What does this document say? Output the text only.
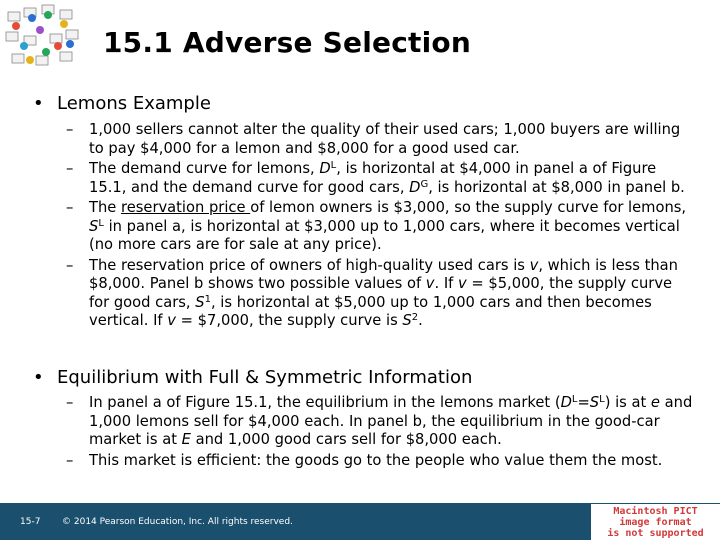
15.1 Adverse Selection
• Lemons Example
– 1,000 sellers cannot alter the quality of their used cars; 1,000 buyers are willing to pay $4,000 for a lemon and $8,000 for a good used car.
– The demand curve for lemons, $D^L$, is horizontal at $4,000 in panel a of Figure 15.1, and the demand curve for good cars, $D^G$, is horizontal at $8,000 in panel b.
– The reservation price of lemon owners is $3,000, so the supply curve for lemons, $S^L$ in panel a, is horizontal at $3,000 up to 1,000 cars, where it becomes vertical (no more cars are for sale at any price).
– The reservation price of owners of high-quality used cars is v, which is less than $8,000. Panel b shows two possible values of v. If v = $5,000, the supply curve for good cars, $S^1$, is horizontal at $5,000 up to 1,000 cars and then becomes vertical. If v = $7,000, the supply curve is $S^2$.
• Equilibrium with Full & Symmetric Information
– In panel a of Figure 15.1, the equilibrium in the lemons market $(D^L=S^L)$ is at e and 1,000 lemons sell for $4,000 each. In panel b, the equilibrium in the good-car market is at E and 1,000 good cars sell for $8,000 each.
– This market is efficient: the goods go to the people who value them the most.
15-7 © 2014 Pearson Education, Inc. All rights reserved.
Macintosh PICT
image format
is not supported
